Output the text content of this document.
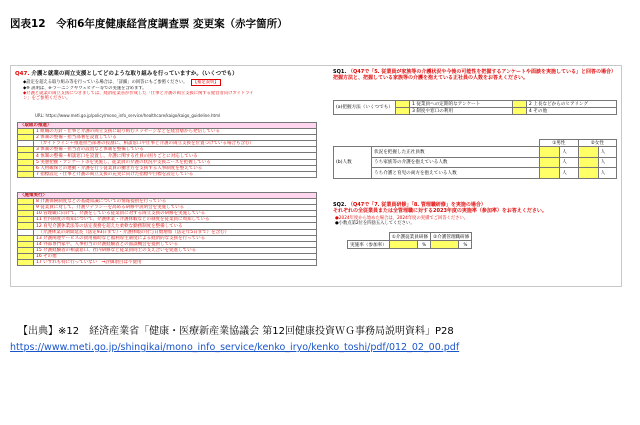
図表12　令和6年度健康経営度調査票 変更案（赤字箇所）
Q47. 介護と就業の両立支援としてどのような取り組みを行っていますか。（いくつでも）
◆設定を超える取り組み等を行っている場合は、「詳細」の回答にもご参照ください。 【補足説明】
◆※ 説明は、e-ラーニングやウェビナー等での実施を含めます。
◆介護と就業の両立支援につきましては、経済産業省が作成した「仕事と介護の両立支援に関する経営者向けガイドライン」をご参照ください。
URL: https://www.meti.go.jp/policy/mono_info_service/healthcare/kaigo/kaigo_guideline.html
〈取組の推進〉	
	1 組織の方針・仕事と介護の両立支援に取り組むメッセージなどを経営層から発信している
	2 体制の整備・担当部署を設置している
	　（ガイドライン＋推進担当部署の役割に、相談窓口や仕事と介護の両立支援を位置づけている場合も含む）
	3 体制の整備・担当者の設置など体制を整備している
	4 体制の整備・相談窓口を設置し、介護に関する社員の困りごとに対応している
	5 実態把握・アンケート等を実施し、従業員の介護の状況や支援ニーズを把握している
	6 人材確保との連動・介護を行う従業員の働き方を支援する人事制度を整えている
	7 指標設定・仕事と介護の両立支援の充実に向けた指標や目標を設定している
〈施策実行〉	
	8 介護保険制度などの基礎知識についての情報提供を行っている
	9 従業員に対して、介護リテラシーを高める研修や説明会を実施している
	10 管理職に向けて、介護をしている従業員に対する両立支援の研修を実施している
	11 社内制度の周知について、介護休業・介護休暇などの制度を従業員に周知している
	12 育児介護休業法等の法定義務を超えた柔軟な勤務制度を整備している
	　（介護休業の期間延長（法定93日まで）・介護休暇の付与日数増加（法定年5日まで）を含む）
	13 介護関連サービスの費用補助など福利厚生制度による経済的な支援を行っている
	14 外部専門家や、人事担当の介護経験者との面談機会を提供している
	15 介護経験者の相談窓口、社内研修など従業員同士の支え合いを促進している
	16 その他
	17 いずれも特に行っていない　⇒評価項目は不使用
SQ1. （Q47で「5. 従業員が家族等の介護状況や今後の可能性を把握するアンケートや面談を実施している」と回答の場合）把握方法と、把握している家族等の介護を抱えている正社員の人数をお答えください。
(a)把握方法（いくつでも）		1 従業員への定期的なアンケート		2 上長などからのヒアリング
		3 制度や窓口の利用		4 その他
		①男性		②女性	
(b)人数	状況を把握した正社員数		人		人
	うち家族等の介護を抱えている人数		人		人
	うち介護と育児の両方を抱えている人数		人		人
SQ2. （Q47で「7. 従業員研修」「8. 管理職研修」を実施の場合）
それぞれの全従業員または全管理職に対する2023年度の実施率（参加率）をお答えください。
●2024年度から始めた場合は、2024年度の実績でご回答ください。
●小数点第2位を四捨五入してください。
	①介護従業員研修		②介護管理職研修	
実施率（参加率）		%		%
【出典】※12　経済産業省「健康・医療新産業協議会 第12回健康投資ＷＧ事務局説明資料」P28
https://www.meti.go.jp/shingikai/mono_info_service/kenko_iryo/kenko_toshi/pdf/012_02_00.pdf
